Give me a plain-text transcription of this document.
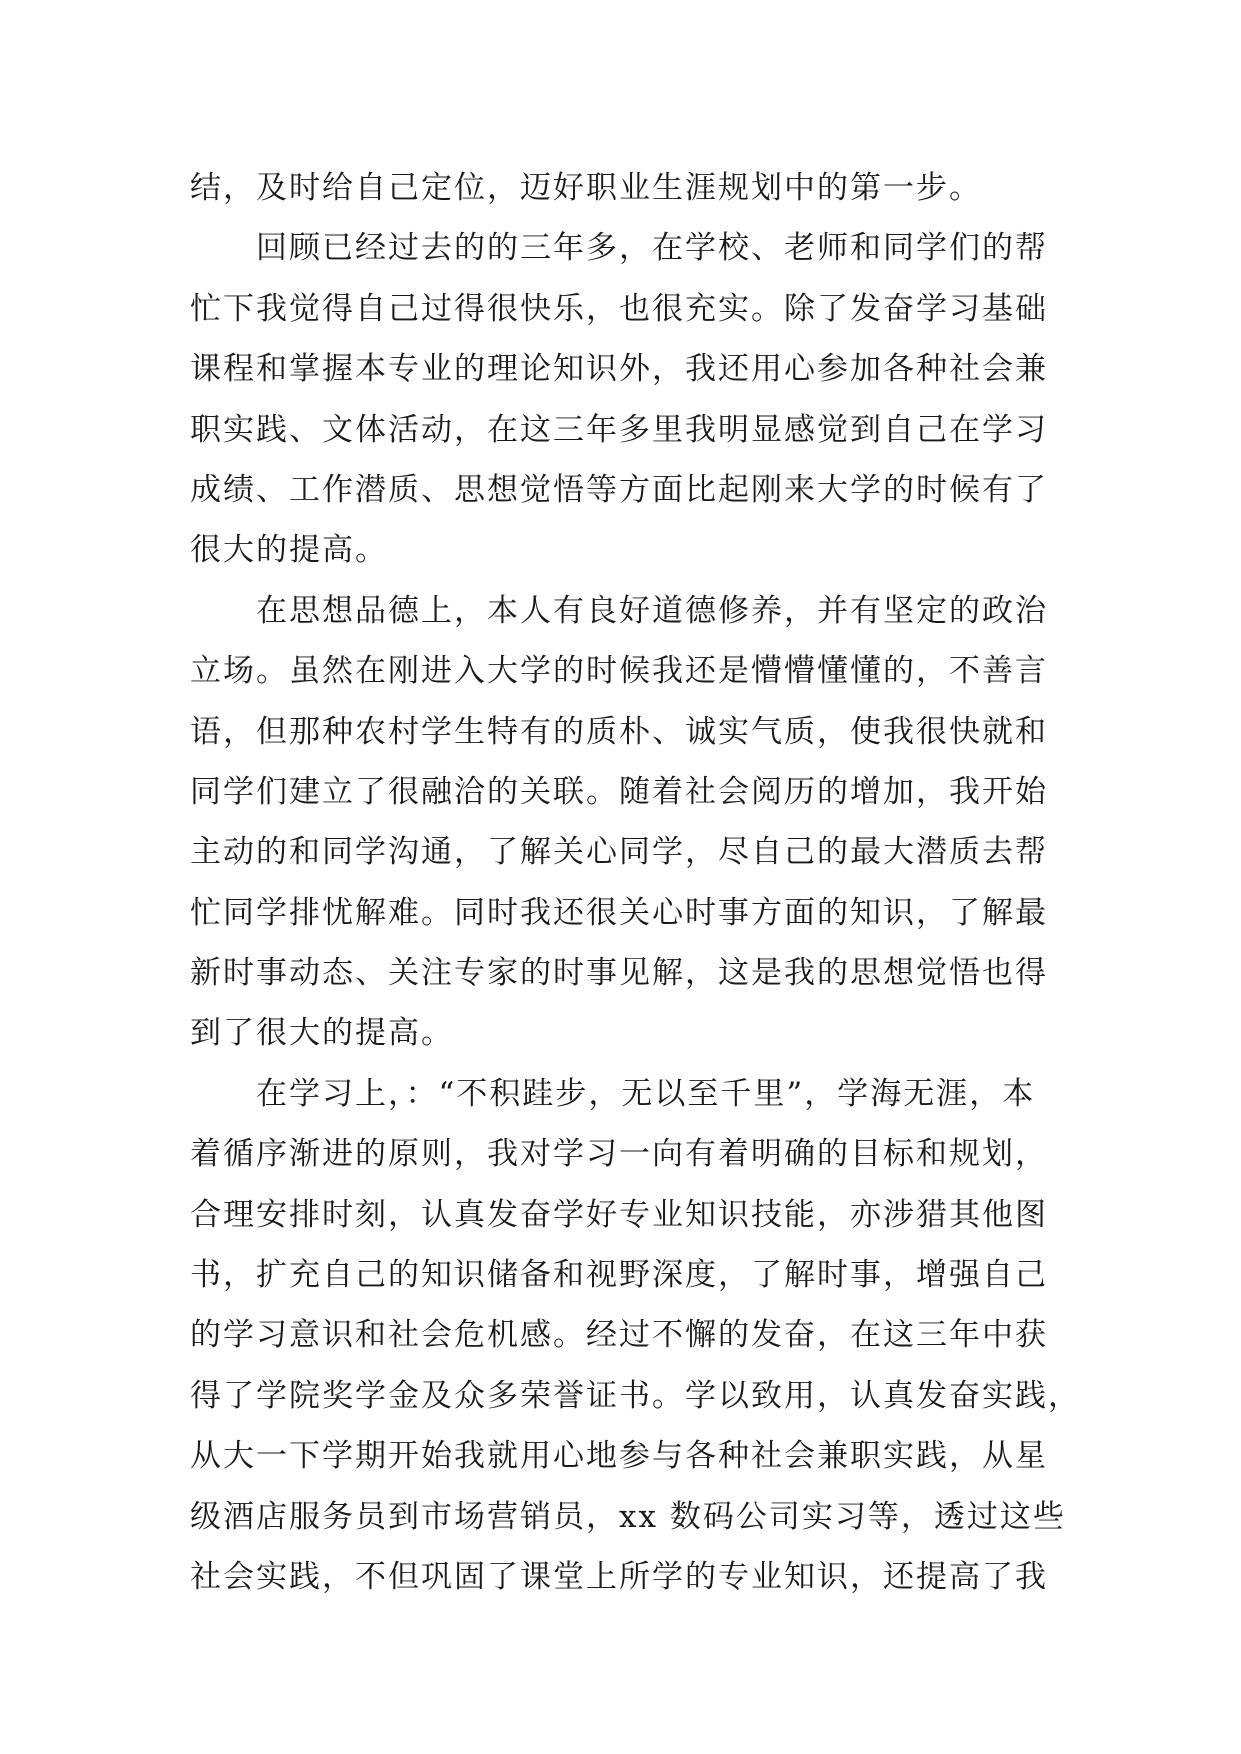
结，及时给自己定位，迈好职业生涯规划中的第一步。
回顾已经过去的的三年多，在学校、老师和同学们的帮
忙下我觉得自己过得很快乐，也很充实。除了发奋学习基础
课程和掌握本专业的理论知识外，我还用心参加各种社会兼
职实践、文体活动，在这三年多里我明显感觉到自己在学习
成绩、工作潜质、思想觉悟等方面比起刚来大学的时候有了
很大的提高。
在思想品德上，本人有良好道德修养，并有坚定的政治
立场。虽然在刚进入大学的时候我还是懵懵懂懂的，不善言
语，但那种农村学生特有的质朴、诚实气质，使我很快就和
同学们建立了很融洽的关联。随着社会阅历的增加，我开始
主动的和同学沟通，了解关心同学，尽自己的最大潜质去帮
忙同学排忧解难。同时我还很关心时事方面的知识，了解最
新时事动态、关注专家的时事见解，这是我的思想觉悟也得
到了很大的提高。
在学习上，：“不积跬步，无以至千里”，学海无涯，本
着循序渐进的原则，我对学习一向有着明确的目标和规划，
合理安排时刻，认真发奋学好专业知识技能，亦涉猎其他图
书，扩充自己的知识储备和视野深度，了解时事，增强自己
的学习意识和社会危机感。经过不懈的发奋，在这三年中获
得了学院奖学金及众多荣誉证书。学以致用，认真发奋实践，
从大一下学期开始我就用心地参与各种社会兼职实践，从星
级酒店服务员到市场营销员，xx 数码公司实习等，透过这些
社会实践，不但巩固了课堂上所学的专业知识，还提高了我
